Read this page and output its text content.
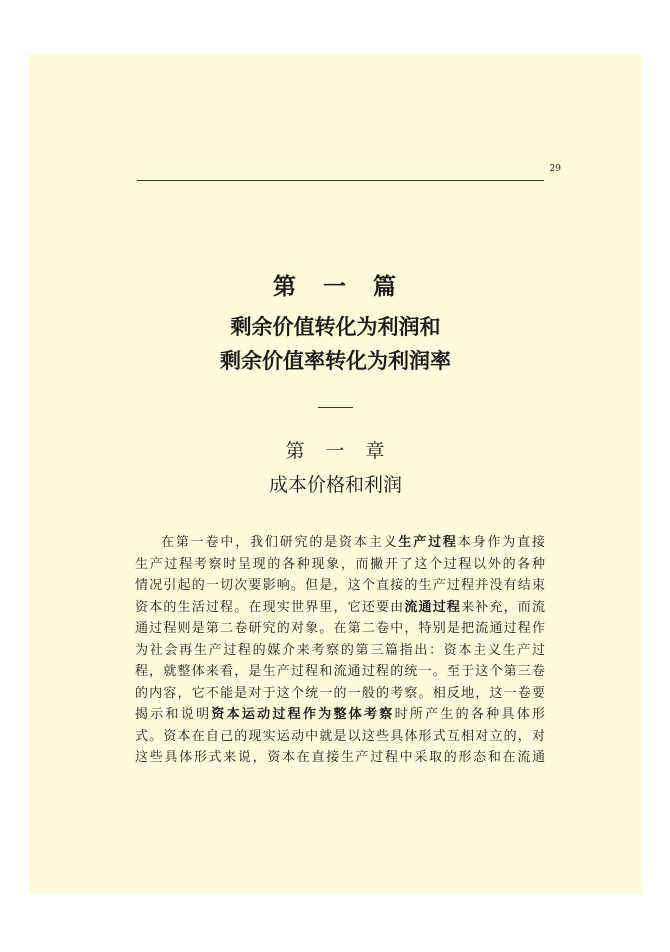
29
第　一　篇
剩余价值转化为利润和
剩余价值率转化为利润率
第　一　章
成本价格和利润
在第一卷中，我们研究的是资本主义生产过程本身作为直接
生产过程考察时呈现的各种现象，而撇开了这个过程以外的各种
情况引起的一切次要影响。但是，这个直接的生产过程并没有结束
资本的生活过程。在现实世界里，它还要由流通过程来补充，而流
通过程则是第二卷研究的对象。在第二卷中，特别是把流通过程作
为社会再生产过程的媒介来考察的第三篇指出：资本主义生产过
程，就整体来看，是生产过程和流通过程的统一。至于这个第三卷
的内容，它不能是对于这个统一的一般的考察。相反地，这一卷要
揭示和说明资本运动过程作为整体考察时所产生的各种具体形
式。资本在自己的现实运动中就是以这些具体形式互相对立的，对
这些具体形式来说，资本在直接生产过程中采取的形态和在流通
